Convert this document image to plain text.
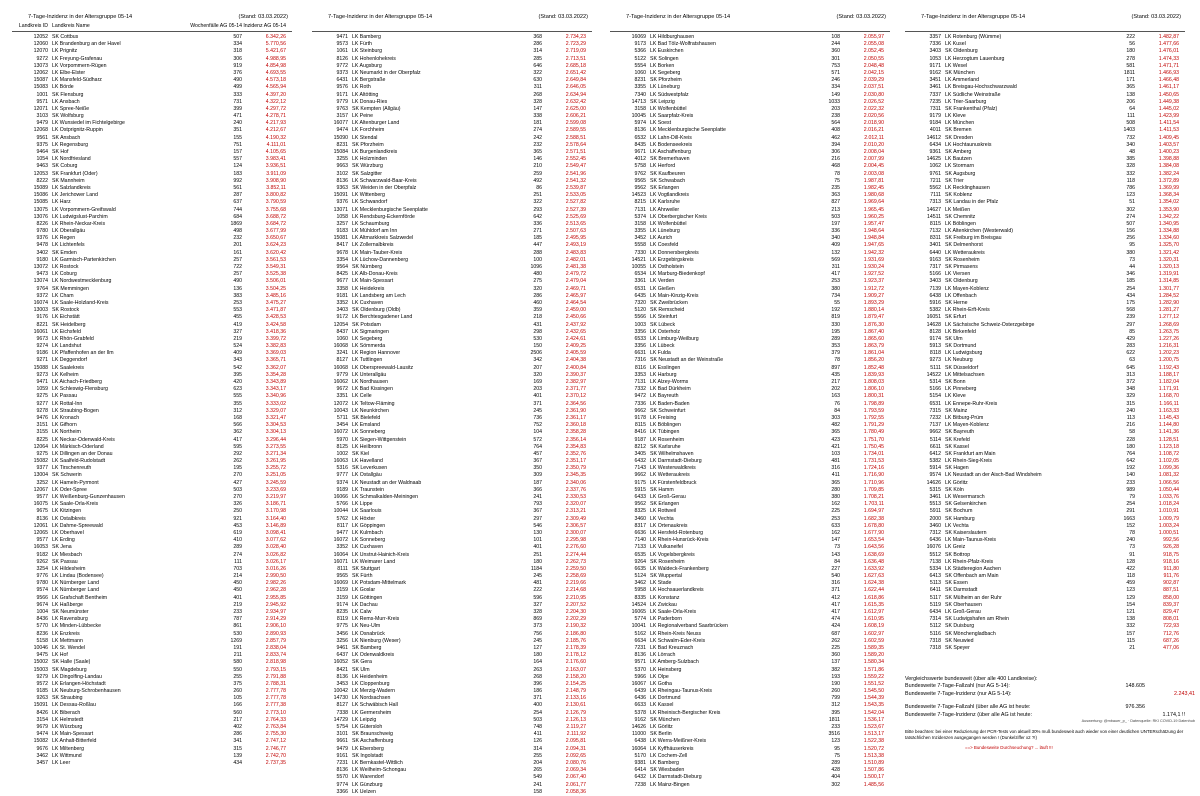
7-Tage-Inzidenz in der Altersgruppe 05-14	(Stand: 03.03.2022)
Landkreis ID Landkreis Name	Wochenfälle AG 05-14 Inzidenz AG 05-14
12052 SK Cottbus	507	6.342,26
12060 LK Brandenburg an der Havel	334	5.770,56
12070 LK Prignitz	318	5.421,67
9272 LK Freyung-Grafenau	306	4.988,95
13073 LK Vorpommern-Rügen	919	4.854,98
12062 LK Elbe-Elster	376	4.693,55
15087 LK Mansfeld-Südharz	490	4.573,18
15083 LK Börde	499	4.565,94
1001 SK Flensburg	333	4.397,20
9571 LK Ansbach	731	4.322,12
12071 LK Spree-Neiße	399	4.297,72
3103 SK Wolfsburg	471	4.278,71
9479 LK Wunsiedel im Fichtelgebirge	240	4.217,93
12068 LK Ostprignitz-Ruppin	351	4.212,67
9561 SK Ansbach	155	4.190,32
9375 LK Regensburg	751	4.111,01
9464 SK Hof	157	4.105,65
1054 LK Nordfriesland	557	3.983,41
9463 SK Coburg	124	3.936,51
12053 SK Frankfurt (Oder)	183	3.911,09
8222 SK Mannheim	992	3.908,90
15089 LK Salzlandkreis	561	3.852,11
15086 LK Jerichower Land	287	3.800,82
15085 LK Harz	637	3.790,59
13075 LK Vorpommern-Greifswald	744	3.755,68
13076 LK Ludwigslust-Parchim	684	3.688,72
8226 LK Rhein-Neckar-Kreis	1869	3.684,72
9780 LK Oberallgäu	498	3.677,99
9376 LK Regen	232	3.650,67
9478 LK Lichtenfels	201	3.624,23
3402 SK Emden	161	3.620,42
9180 LK Garmisch-Partenkirchen	257	3.561,53
13072 LK Rostock	722	3.549,31
9473 LK Coburg	257	3.525,38
13074 LK Nordwestmecklenburg	490	3.506,01
9764 SK Memmingen	136	3.504,25
9372 LK Cham	383	3.485,16
16074 LK Saale-Holzland-Kreis	253	3.475,27
13003 SK Rostock	553	3.471,87
9176 LK Eichstätt	455	3.428,53
8221 SK Heidelberg	419	3.424,58
16061 LK Eichsfeld	327	3.418,36
9673 LK Rhön-Grabfeld	219	3.399,72
9274 LK Landshut	524	3.382,83
9186 LK Pfaffenhofen an der Ilm	409	3.369,03
9271 LK Deggendorf	343	3.365,71
15088 LK Saalekreis	542	3.362,07
9273 LK Kelheim	395	3.354,28
9471 LK Aichach-Friedberg	420	3.343,89
1059 LK Schleswig-Flensburg	623	3.343,17
9275 LK Passau	555	3.340,96
9277 LK Rottal-Inn	355	3.333,02
9278 LK Straubing-Bogen	312	3.329,07
9476 LK Kronach	168	3.321,47
3151 LK Gifhorn	566	3.304,53
3155 LK Northeim	362	3.304,13
8225 LK Neckar-Odenwald-Kreis	417	3.296,44
12064 LK Märkisch-Oderland	595	3.273,55
9275 LK Dillingen an der Donau	292	3.271,34
15082 LK Saalfeld-Rudolstadt	262	3.261,95
9377 LK Tirschenreuth	195	3.255,72
13004 SK Schwerin	270	3.251,05
3252 LK Hameln-Pyrmont	427	3.245,59
12067 LK Oder-Spree	503	3.233,69
9577 LK Weißenburg-Gunzenhausen	270	3.219,97
16075 LK Saale-Orla-Kreis	326	3.186,71
9675 LK Kitzingen	250	3.170,98
8136 LK Ostalbkreis	921	3.164,40
12061 LK Dahme-Spreewald	453	3.146,89
12065 LK Oberhavel	619	3.098,41
9577 LK Erding	410	3.077,62
16053 SK Jena	289	3.028,40
9182 LK Miesbach	274	3.026,82
9262 SK Passau	111	3.026,17
3254 LK Hildesheim	703	3.016,26
9776 LK Lindau (Bodensee)	214	2.990,50
9780 LK Nürnberger Land	450	2.982,26
9574 LK Nürnberger Land	450	2.962,28
9566 LK Grafschaft Bentheim	401	2.955,85
9674 LK Haßberge	219	2.945,92
1004 SK Neumünster	233	2.934,97
8436 LK Ravensburg	787	2.914,29
5770 LK Minden-Lübbecke	861	2.906,10
8236 LK Enzkreis	530	2.890,93
5158 LK Mettmann	1269	2.857,79
10046 LK St. Wendel	191	2.838,04
9475 LK Hof	211	2.833,74
15002 SK Halle (Saale)	580	2.818,98
15003 SK Magdeburg	550	2.793,15
9279 LK Dingolfing-Landau	255	2.791,88
9572 LK Erlangen-Höchstadt	375	2.788,31
9185 LK Neuburg-Schrobenhausen	260	2.777,78
9263 SK Straubing	105	2.777,78
15091 LK Dessau-Roßlau	166	2.777,38
8426 LK Biberach	560	2.773,10
3154 LK Helmstedt	217	2.764,33
9679 LK Würzburg	402	2.763,84
9474 LK Main-Spessart	286	2.755,30
15082 LK Anhalt-Bitterfeld	341	2.747,12
9676 LK Miltenberg	315	2.746,77
3462 LK Wittmund	139	2.742,70
3457 LK Leer	434	2.737,35
7-Tage-Inzidenz in der Altersgruppe 05-14	(Stand: 03.03.2022)
9471 LK Bamberg	368	2.734,23
9573 LK Fürth	286	2.723,29
1061 LK Steinburg	314	2.719,09
8126 LK Hohenlohekreis	285	2.713,51
9772 LK Augsburg	646	2.685,18
9373 LK Neumarkt in der Oberpfalz	322	2.651,42
6431 LK Bergstraße	630	2.649,84
9576 LK Roth	311	2.646,05
9171 LK Altötting	268	2.634,94
9779 LK Donau-Ries	328	2.632,42
9763 SK Kempten (Allgäu)	147	2.625,00
3157 LK Peine	338	2.606,21
16077 LK Altenburger Land	181	2.599,08
9474 LK Forchheim	274	2.589,55
15090 LK Stendal	242	2.588,51
8231 SK Pforzheim	232	2.578,64
15084 LK Burgenlandkreis	365	2.571,51
3255 LK Holzminden	146	2.552,45
9663 SK Würzburg	210	2.549,47
3102 SK Salzgitter	259	2.541,96
8136 LK Schwarzwald-Baar-Kreis	492	2.541,32
9363 SK Weiden in der Oberpfalz	86	2.539,87
15091 LK Wittenberg	251	2.533,05
9376 LK Schwandorf	322	2.527,82
13071 LK Mecklenburgische Seenplatte	293	2.527,39
1058 LK Rendsburg-Eckernförde	642	2.525,69
3257 LK Schaumburg	336	2.513,65
9183 LK Mühldorf am Inn	271	2.507,63
15081 LK Altmarkkreis Salzwedel	185	2.495,95
8417 LK Zollernalbkreis	447	2.493,19
9678 LK Main-Tauber-Kreis	288	2.483,83
3354 LK Lüchow-Dannenberg	100	2.482,01
9564 SK Nürnberg	1096	2.481,38
8425 LK Alb-Donau-Kreis	480	2.479,72
9677 LK Main-Spessart	275	2.479,04
3358 LK Heidekreis	320	2.469,71
9181 LK Landsberg am Lech	286	2.465,97
3352 LK Cuxhaven	460	2.464,54
3403 SK Oldenburg (Oldb)	359	2.459,00
9172 LK Berchtesgadener Land	218	2.450,66
12054 SK Potsdam	431	2.437,92
8437 LK Sigmaringen	298	2.432,65
1060 LK Segeberg	530	2.424,61
16068 LK Sömmerda	150	2.409,25
3241 LK Region Hannover	2506	2.405,59
8127 LK Tuttlingen	342	2.404,38
16068 LK Oberspreewald-Lausitz	207	2.400,84
9779 LK Unterallgäu	320	2.390,37
16062 LK Nordhausen	169	2.382,97
9672 LK Bad Kissingen	203	2.371,77
3351 LK Celle	401	2.370,12
12072 LK Teltow-Fläming	371	2.364,56
10043 LK Neunkirchen	245	2.361,90
5711 SK Bielefeld	736	2.361,17
3454 LK Emsland	752	2.360,18
16072 LK Sonneberg	104	2.358,28
5970 LK Siegen-Wittgenstein	572	2.356,14
8125 LK Heilbronn	764	2.354,83
1002 SK Kiel	457	2.352,76
16063 LK Havelland	367	2.351,17
5316 SK Leverkusen	350	2.350,79
9777 LK Ostallgäu	309	2.345,35
9374 LK Neustadt an der Waldnaab	187	2.340,06
9189 LK Traunstein	366	2.337,76
16066 LK Schmalkalden-Meiningen	241	2.330,53
5766 LK Lippe	793	2.320,07
10044 LK Saarlouis	367	2.313,21
5762 LK Höxter	297	2.309,49
8117 LK Göppingen	546	2.306,57
9477 LK Kulmbach	130	2.300,07
16072 LK Sonneberg	101	2.295,98
3352 LK Cuxhaven	401	2.276,60
16064 LK Unstrut-Hainich-Kreis	251	2.274,44
16071 LK Weimarer Land	180	2.262,73
8111 SK Stuttgart	1184	2.259,50
9565 SK Fürth	245	2.258,69
16069 LK Potsdam-Mittelmark	481	2.219,66
3159 LK Goslar	222	2.214,68
3159 LK Göttingen	596	2.210,95
9174 LK Dachau	327	2.207,52
8235 LK Calw	328	2.204,30
8119 LK Rems-Murr-Kreis	869	2.202,29
9775 LK Neu-Ulm	373	2.190,32
3456 LK Osnabrück	756	2.186,80
3256 LK Nienburg (Weser)	245	2.185,76
9461 SK Bamberg	127	2.178,39
6437 LK Odenwaldkreis	180	2.178,12
16052 SK Gera	164	2.176,60
8421 SK Ulm	263	2.163,07
8136 LK Heidenheim	268	2.158,20
3453 LK Cloppenburg	396	2.154,25
10042 LK Merzig-Wadern	186	2.148,79
14730 LK Nordsachsen	371	2.133,16
8127 LK Schwäbisch Hall	400	2.130,61
7338 LK Germersheim	254	2.126,79
14729 LK Leipzig	503	2.126,13
5754 LK Gütersloh	748	2.119,27
3101 SK Braunschweig	411	2.111,92
9661 SK Aschaffenburg	126	2.095,81
9479 LK Ebersberg	314	2.094,31
9161 SK Ingolstadt	255	2.092,65
7231 LK Bernkastel-Wittlich	204	2.080,76
8136 LK Weilheim-Schongau	265	2.069,34
5570 LK Warendorf	549	2.067,40
9774 LK Günzburg	241	2.061,77
3366 LK Uelzen	158	2.058,36
7-Tage-Inzidenz in der Altersgruppe 05-14	(Stand: 03.03.2022)
16069 LK Hildburghausen	108	2.055,97
9173 LK Bad Tölz-Wolfratshausen	244	2.055,08
5366 LK Euskirchen	360	2.052,45
5122 SK Solingen	301	2.050,55
5554 LK Borken	753	2.048,48
1060 LK Segeberg	571	2.042,15
8231 SK Pforzheim	246	2.039,29
3355 LK Lüneburg	334	2.037,51
7340 LK Südwestpfalz	149	2.030,80
14713 SK Leipzig	1033	2.026,52
3158 LK Wolfenbüttel	203	2.022,32
10045 LK Saarpfalz-Kreis	238	2.020,56
5974 LK Soest	564	2.018,90
8136 LK Mecklenburgische Seenplatte	408	2.016,21
6532 LK Lahn-Dill-Kreis	462	2.012,11
8435 LK Bodenseekreis	394	2.010,20
9671 LK Aschaffenburg	306	2.008,04
4012 SK Bremerhaven	216	2.007,99
5758 LK Herford	468	2.004,45
9762 SK Kaufbeuren	78	2.003,08
9565 SK Schwabach	75	1.987,81
9562 SK Erlangen	235	1.982,45
14523 LK Vogtlandkreis	363	1.980,68
8215 LK Karlsruhe	827	1.969,64
7131 LK Ahrweiler	213	1.965,45
5374 LK Oberbergischer Kreis	503	1.960,25
3158 LK Wolfenbüttel	197	1.957,47
3355 LK Lüneburg	336	1.948,64
3452 LK Aurich	340	1.948,84
5558 LK Coesfeld	409	1.947,65
7330 LK Donnersbergkreis	132	1.942,32
14521 LK Erzgebirgskreis	569	1.931,69
10055 LK Ostholstein	311	1.930,24
6534 LK Marburg-Biedenkopf	417	1.927,52
3361 LK Verden	253	1.923,37
6531 LK Gießen	380	1.912,72
6435 LK Main-Kinzig-Kreis	734	1.909,27
7320 SK Zweibrücken	55	1.893,29
5120 SK Remscheid	192	1.880,14
5566 LK Steinfurt	819	1.879,47
1003 SK Lübeck	330	1.876,30
3356 LK Osterholz	195	1.867,40
6533 LK Limburg-Weilburg	289	1.865,60
3356 LK Lübeck	353	1.863,79
6631 LK Fulda	379	1.861,04
7316 SK Neustadt an der Weinstraße	78	1.856,20
8116 LK Esslingen	897	1.852,48
3353 LK Harburg	435	1.839,93
7131 LK Alzey-Worms	217	1.808,03
7332 LK Bad Dürkheim	202	1.806,10
9472 LK Bayreuth	163	1.800,31
7336 LK Baden-Baden	76	1.798,89
9662 SK Schweinfurt	84	1.793,59
9178 LK Freising	303	1.792,55
8115 LK Böblingen	482	1.791,29
8416 LK Tübingen	365	1.780,49
9187 LK Rosenheim	423	1.751,70
8212 SK Karlsruhe	421	1.750,45
3405 SK Wilhelmshaven	103	1.734,01
6432 LK Darmstadt-Dieburg	481	1.731,53
7143 LK Westerwaldkreis	316	1.724,16
9662 LK Wetteraukreis	411	1.716,90
9175 LK Fürstenfeldbruck	365	1.710,96
5915 SK Hamm	280	1.709,85
6433 LK Groß-Gerau	380	1.708,21
9562 SK Erlangen	162	1.703,11
8325 LK Rottweil	225	1.694,97
3460 LK Vechta	253	1.682,38
8317 LK Ortenaukreis	633	1.678,80
6636 LK Hersfeld-Rotenburg	162	1.677,90
7140 LK Rhein-Hunsrück-Kreis	147	1.653,54
7133 LK Vulkaneifel	73	1.643,56
6535 LK Vogelsbergkreis	143	1.638,69
9264 SK Rosenheim	84	1.636,48
6635 LK Waldeck-Frankenberg	227	1.633,92
5124 SK Wuppertal	540	1.627,63
3462 LK Stade	316	1.624,38
5958 LK Hochsauerlandkreis	371	1.622,44
8335 LK Konstanz	412	1.618,86
14524 LK Zwickau	417	1.615,35
16065 LK Saale-Orla-Kreis	417	1.612,97
5774 LK Paderborn	474	1.610,95
10041 LK Regionalverband Saarbrücken	424	1.608,19
5162 LK Rhein-Kreis Neuss	687	1.602,97
6634 LK Schwalm-Eder-Kreis	262	1.602,59
7231 LK Bad Kreuznach	225	1.589,35
8136 LK Lörrach	360	1.589,20
9571 LK Amberg-Sulzbach	137	1.580,34
5370 LK Heinsberg	382	1.571,86
5966 LK Olpe	193	1.559,22
16067 LK Gotha	190	1.551,52
6439 LK Rheingau-Taunus-Kreis	260	1.545,50
6436 LK Dortmund	799	1.544,39
6633 LK Kassel	312	1.543,35
5378 LK Rheinisch-Bergischer Kreis	395	1.542,04
9162 SK München	1811	1.536,17
14626 LK Görlitz	233	1.523,67
11000 SK Berlin	3516	1.513,17
6438 LK Werra-Meißner-Kreis	123	1.522,38
16064 LK Kyffhäuserkreis	95	1.520,72
5170 LK Cochem-Zell	75	1.513,38
9381 LK Bamberg	289	1.510,89
6414 SK Wiesbaden	428	1.507,86
6432 LK Darmstadt-Dieburg	404	1.500,17
7238 LK Mainz-Bingen	302	1.485,56
7-Tage-Inzidenz in der Altersgruppe 05-14	(Stand: 03.03.2022)
3357 LK Rotenburg (Wümme)	222	1.482,87
7336 LK Kusel	56	1.477,66
3403 SK Oldenburg	180	1.476,01
1053 LK Herzogtum Lauenburg	278	1.474,33
9171 LK Wesel	581	1.471,71
9162 SK München	1811	1.466,93
3451 LK Ammerland	171	1.466,48
3461 LK Breisgau-Hochschwarzwald	365	1.461,17
7337 LK Südliche Weinstraße	138	1.450,65
7235 LK Trier-Saarburg	206	1.449,38
7311 SK Frankenthal (Pfalz)	64	1.445,02
9179 LK Kleve	111	1.423,99
9184 LK München	508	1.411,54
4011 SK Bremen	1403	1.411,53
14612 SK Dresden	732	1.409,45
6434 LK Hochtaunuskreis	340	1.403,57
9361 SK Amberg	48	1.400,23
14625 LK Bautzen	385	1.398,88
1062 LK Stormarn	328	1.384,08
9761 SK Augsburg	332	1.382,24
7211 SK Trier	118	1.372,89
5562 LK Recklinghausen	786	1.369,99
7111 SK Koblenz	123	1.368,34
7313 SK Landau in der Pfalz	51	1.354,02
14627 LK Meißen	302	1.353,90
14511 SK Chemnitz	274	1.342,22
8115 LK Böblingen	507	1.340,95
7132 LK Altenkirchen (Westerwald)	156	1.334,88
8311 SK Freiburg im Breisgau	256	1.334,60
3401 SK Delmenhorst	95	1.325,70
6440 LK Wetteraukreis	380	1.321,42
9163 SK Rosenheim	73	1.320,31
7317 SK Pirmasens	44	1.320,13
5166 LK Viersen	346	1.319,91
3403 SK Oldenburg	185	1.314,85
7139 LK Mayen-Koblenz	254	1.301,77
6438 LK Offenbach	434	1.284,52
5916 SK Herne	175	1.282,90
5382 LK Rhein-Erft-Kreis	568	1.281,27
16051 SK Erfurt	239	1.277,12
14628 LK Sächsische Schweiz-Osterzgebirge	297	1.268,69
8128 LK Birkenfeld	85	1.263,75
9174 SK Ulm	429	1.227,26
5913 SK Dortmund	283	1.216,31
8118 LK Ludwigsburg	622	1.202,23
9273 LK Neuburg	63	1.200,75
5111 SK Düsseldorf	645	1.192,43
14522 LK Mittelsachsen	313	1.188,17
5314 SK Bonn	372	1.182,04
5166 LK Pinneberg	348	1.171,91
5154 LK Kleve	329	1.168,70
6531 LK Ennepe-Ruhr-Kreis	315	1.166,11
7315 SK Mainz	240	1.163,33
7232 LK Bitburg-Prüm	113	1.145,43
7137 LK Mayen-Koblenz	216	1.144,80
9662 SK Bayreuth	58	1.141,36
5114 SK Krefeld	228	1.128,51
6611 SK Kassel	180	1.123,18
6412 SK Frankfurt am Main	764	1.108,72
5382 LK Rhein-Sieg-Kreis	642	1.102,05
5914 SK Hagen	192	1.099,36
9574 LK Neustadt an der Aisch-Bad Windsheim	140	1.081,32
14626 LK Görlitz	233	1.066,56
5315 SK Köln	989	1.050,44
3461 LK Wesermarsch	79	1.033,76
5513 SK Gelsenkirchen	254	1.018,24
5911 SK Bochum	291	1.010,91
2000 SK Hamburg	1663	1.009,79
3460 LK Vechta	152	1.003,24
7312 SK Kaiserslautern	78	1.000,51
6436 LK Main-Taunus-Kreis	240	992,56
16076 LK Greiz	73	926,28
5512 SK Bottrop	91	918,75
7138 LK Rhein-Pfalz-Kreis	128	918,16
5334 LK Städteregion Aachen	422	911,80
6413 SK Offenbach am Main	118	911,76
5113 SK Essen	459	902,87
6411 SK Darmstadt	123	887,51
5117 SK Mülheim an der Ruhr	129	858,00
5119 SK Oberhausen	154	839,37
6434 LK Groß-Gerau	121	829,47
7314 SK Ludwigshafen am Rhein	138	808,01
5112 SK Duisburg	332	722,93
5116 SK Mönchengladbach	157	712,76
7318 SK Neuwied	115	687,26
7318 SK Speyer	21	477,06
Vergleichswerte bundesweit (über alle 400 Landkreise):
Bundesweite 7-Tage-Fallzahl (nur AG 5-14):	148.605
Bundesweite 7-Tage-Inzidenz (nur AG 5-14):	2.243,41
Bundesweite 7-Tage-Fallzahl (über alle AG ist heute:	976.356
Bundesweite 7-Tage-Inzidenz (über alle AG ist heute:	1.174,1 !!
Auswertung: @mbauer_p_ · Datenquelle: RKI COVID-19 Datenhub
Bitte beachten: bei einer Reduzierung der PCR-Tests von aktuell 30% muß bundesweit auch wieder von einer deutlichen UNTERschätzung der tatsächlichen Inzidenzen ausgegangen werden ! (Dunkelziffer x2 ?!)
==> Bundesweite Durchseuchung? ... läuft !!!
